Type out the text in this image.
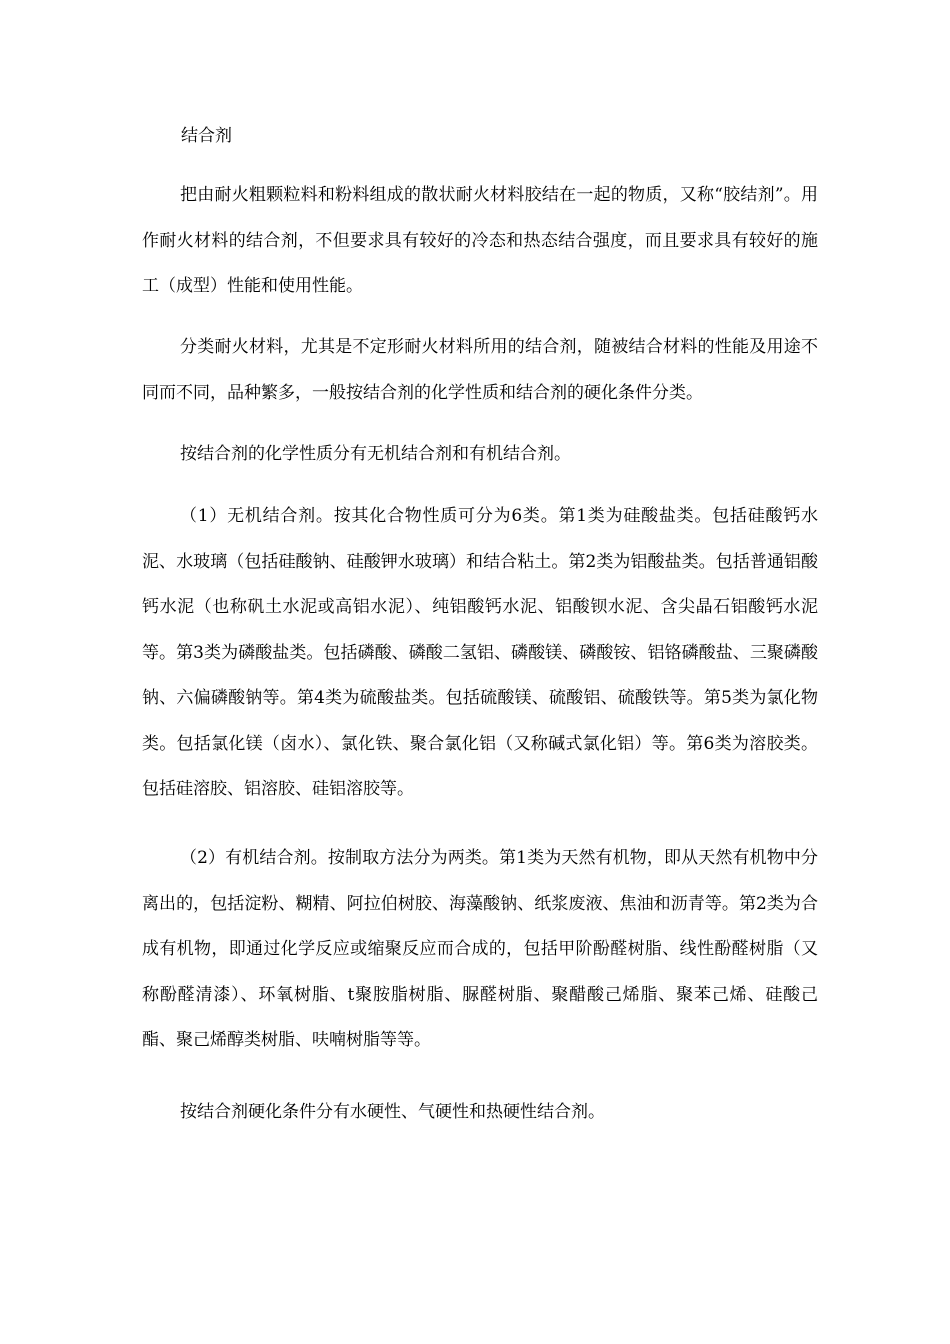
结合剂

把由耐火粗颗粒料和粉料组成的散状耐火材料胶结在一起的物质，又称“胶结剂”。用作耐火材料的结合剂，不但要求具有较好的冷态和热态结合强度，而且要求具有较好的施工（成型）性能和使用性能。

分类耐火材料，尤其是不定形耐火材料所用的结合剂，随被结合材料的性能及用途不同而不同，品种繁多，一般按结合剂的化学性质和结合剂的硬化条件分类。

按结合剂的化学性质分有无机结合剂和有机结合剂。

（1）无机结合剂。按其化合物性质可分为6类。第1类为硅酸盐类。包括硅酸钙水泥、水玻璃（包括硅酸钠、硅酸钾水玻璃）和结合粘土。第2类为铝酸盐类。包括普通铝酸钙水泥（也称矾土水泥或高铝水泥）、纯铝酸钙水泥、铝酸钡水泥、含尖晶石铝酸钙水泥等。第3类为磷酸盐类。包括磷酸、磷酸二氢铝、磷酸镁、磷酸铵、铝铬磷酸盐、三聚磷酸钠、六偏磷酸钠等。第4类为硫酸盐类。包括硫酸镁、硫酸铝、硫酸铁等。第5类为氯化物类。包括氯化镁（卤水）、氯化铁、聚合氯化铝（又称碱式氯化铝）等。第6类为溶胶类。包括硅溶胶、铝溶胶、硅铝溶胶等。

（2）有机结合剂。按制取方法分为两类。第1类为天然有机物，即从天然有机物中分离出的，包括淀粉、糊精、阿拉伯树胶、海藻酸钠、纸浆废液、焦油和沥青等。第2类为合成有机物，即通过化学反应或缩聚反应而合成的，包括甲阶酚醛树脂、线性酚醛树脂（又称酚醛清漆）、环氧树脂、t聚胺脂树脂、脲醛树脂、聚醋酸己烯脂、聚苯己烯、硅酸己酯、聚己烯醇类树脂、呋喃树脂等等。

按结合剂硬化条件分有水硬性、气硬性和热硬性结合剂。
